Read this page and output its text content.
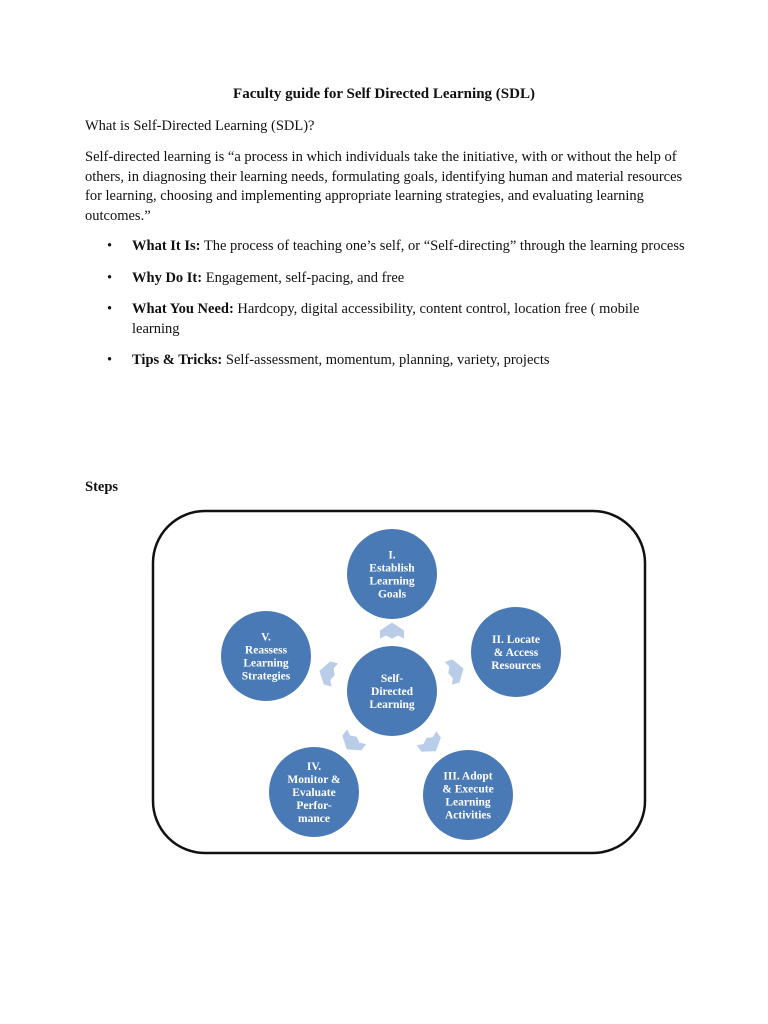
Faculty guide for Self Directed Learning (SDL)
What is Self-Directed Learning (SDL)?
Self-directed learning is “a process in which individuals take the initiative, with or without the help of others, in diagnosing their learning needs, formulating goals, identifying human and material resources for learning, choosing and implementing appropriate learning strategies, and evaluating learning outcomes.”
• What It Is: The process of teaching one’s self, or “Self-directing” through the learning process
• Why Do It: Engagement, self-pacing, and free
• What You Need: Hardcopy, digital accessibility, content control, location free ( mobile learning
• Tips & Tricks: Self-assessment, momentum, planning, variety, projects
Steps
Self-
Directed
Learning
I.
Establish
Learning
Goals
II. Locate
& Access
Resources
III. Adopt
& Execute
Learning
Activities
IV.
Monitor &
Evaluate
Perfor-
mance
V.
Reassess
Learning
Strategies
